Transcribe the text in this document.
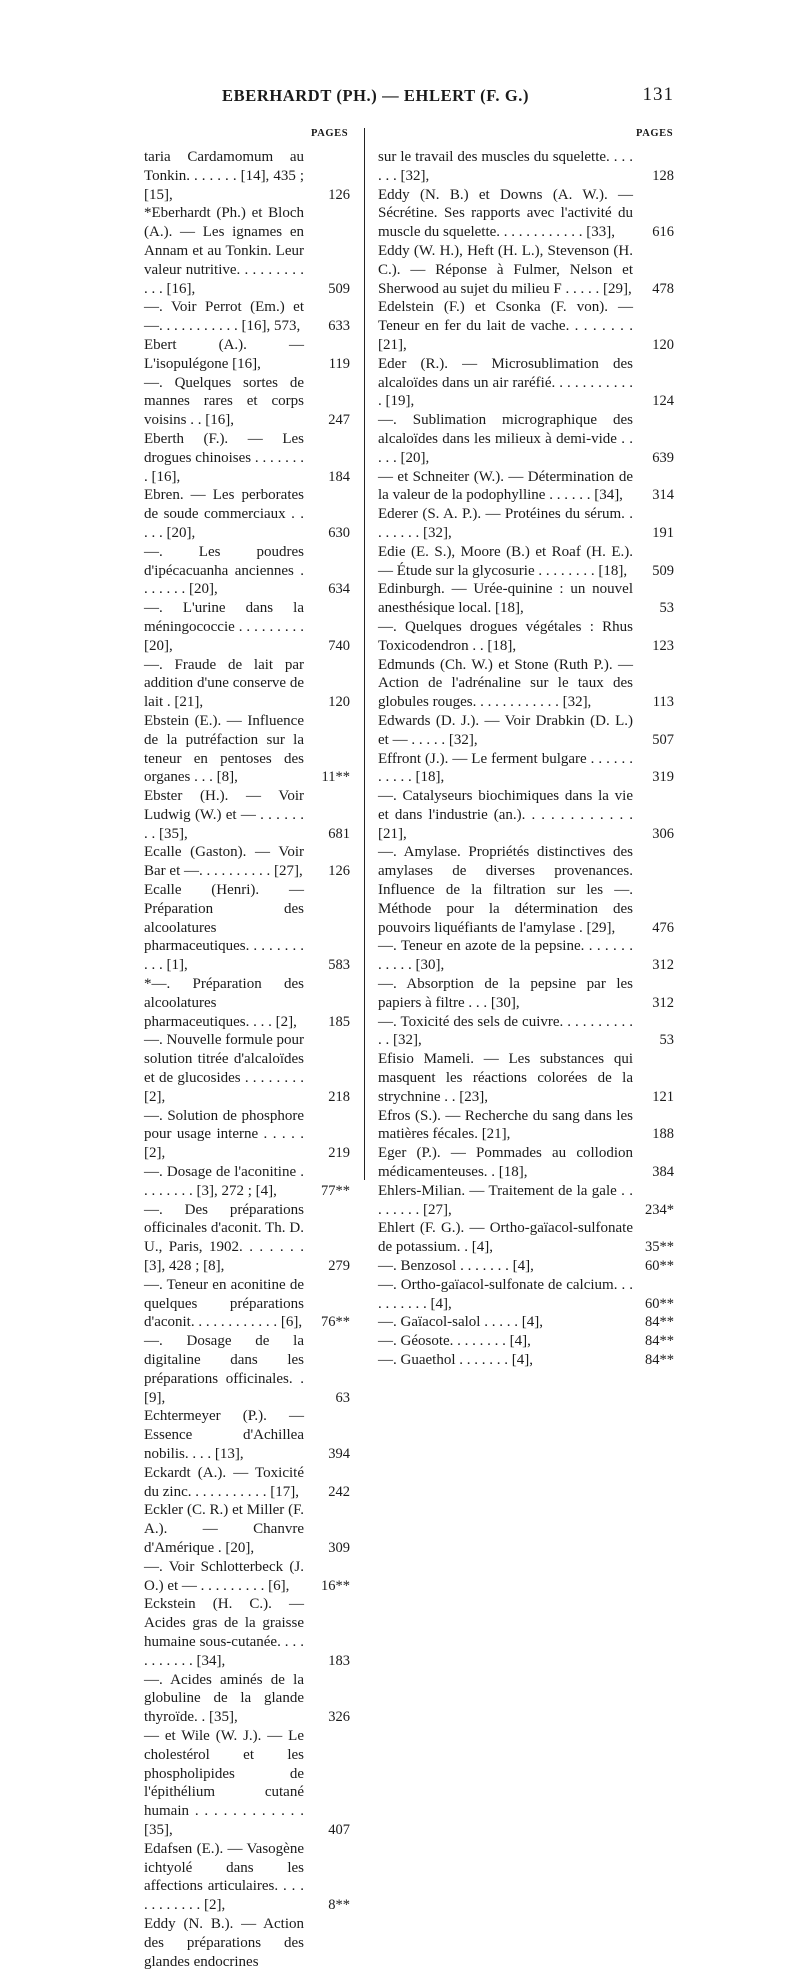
EBERHARDT (PH.) — EHLERT (F. G.)	131
PAGES
taria Cardamomum au Tonkin. . . . . . . [14], 435 ; [15],	126
*Eberhardt (Ph.) et Bloch (A.). — Les ignames en Annam et au Tonkin. Leur valeur nutritive. . . . . . . . . . . . [16],	509
—. Voir Perrot (Em.) et —. . . . . . . . . . . [16], 573, 633
Ebert (A.). — L'isopulégone [16],	119
—. Quelques sortes de mannes rares et corps voisins . . [16],	247
Eberth (F.). — Les drogues chinoises . . . . . . . . [16],	184
Ebren. — Les perborates de soude commerciaux . . . . . [20],	630
—. Les poudres d'ipécacuanha anciennes . . . . . . . [20],	634
—. L'urine dans la méningococcie . . . . . . . . . [20],	740
—. Fraude de lait par addition d'une conserve de lait . [21],	120
Ebstein (E.). — Influence de la putréfaction sur la teneur en pentoses des organes . . . [8],	11**
Ebster (H.). — Voir Ludwig (W.) et — . . . . . . . . [35],	681
Ecalle (Gaston). — Voir Bar et —. . . . . . . . . . [27], 126
Ecalle (Henri). — Préparation des alcoolatures pharmaceutiques. . . . . . . . . . . [1],	583
*—. Préparation des alcoolatures pharmaceutiques. . . . [2],	185
—. Nouvelle formule pour solution titrée d'alcaloïdes et de glucosides . . . . . . . . [2],	218
—. Solution de phosphore pour usage interne . . . . . [2],	219
—. Dosage de l'aconitine . . . . . . . . [3], 272 ; [4],	77**
—. Des préparations officinales d'aconit. Th. D. U., Paris, 1902. . . . . . . [3], 428 ; [8],	279
—. Teneur en aconitine de quelques préparations d'aconit. . . . . . . . . . . . [6], 76**
—. Dosage de la digitaline dans les préparations officinales. . [9],	63
Echtermeyer (P.). — Essence d'Achillea nobilis. . . . [13],	394
Eckardt (A.). — Toxicité du zinc. . . . . . . . . . . [17],	242
Eckler (C. R.) et Miller (F. A.). — Chanvre d'Amérique . [20],	309
—. Voir Schlotterbeck (J. O.) et — . . . . . . . . . [6],	16**
Eckstein (H. C.). — Acides gras de la graisse humaine sous-cutanée. . . . . . . . . . . [34],	183
—. Acides aminés de la globuline de la glande thyroïde. . [35],	326
— et Wile (W. J.). — Le cholestérol et les phospholipides de l'épithélium cutané humain . . . . . . . . . . . . [35],	407
Edafsen (E.). — Vasogène ichtyolé dans les affections articulaires. . . . . . . . . . . . [2],	8**
Eddy (N. B.). — Action des préparations des glandes endocrines
PAGES
sur le travail des muscles du squelette. . . . . . . [32],	128
Eddy (N. B.) et Downs (A. W.). — Sécrétine. Ses rapports avec l'activité du muscle du squelette. . . . . . . . . . . . [33],	616
Eddy (W. H.), Heft (H. L.), Stevenson (H. C.). — Réponse à Fulmer, Nelson et Sherwood au sujet du milieu F . . . . . [29], 478
Edelstein (F.) et Csonka (F. von). — Teneur en fer du lait de vache. . . . . . . . [21],	120
Eder (R.). — Microsublimation des alcaloïdes dans un air raréfié. . . . . . . . . . . . [19],	124
—. Sublimation micrographique des alcaloïdes dans les milieux à demi-vide . . . . . [20],	639
— et Schneiter (W.). — Détermination de la valeur de la podophylline . . . . . . [34],	314
Ederer (S. A. P.). — Protéines du sérum. . . . . . . . [32],	191
Edie (E. S.), Moore (B.) et Roaf (H. E.). — Étude sur la glycosurie . . . . . . . . [18],	509
Edinburgh. — Urée-quinine : un nouvel anesthésique local. [18],	53
—. Quelques drogues végétales : Rhus Toxicodendron . . [18],	123
Edmunds (Ch. W.) et Stone (Ruth P.). — Action de l'adrénaline sur le taux des globules rouges. . . . . . . . . . . . [32],	113
Edwards (D. J.). — Voir Drabkin (D. L.) et — . . . . . [32],	507
Effront (J.). — Le ferment bulgare . . . . . . . . . . . [18],	319
—. Catalyseurs biochimiques dans la vie et dans l'industrie (an.). . . . . . . . . . . . [21],	306
—. Amylase. Propriétés distinctives des amylases de diverses provenances. Influence de la filtration sur les —. Méthode pour la détermination des pouvoirs liquéfiants de l'amylase . [29],	476
—. Teneur en azote de la pepsine. . . . . . . . . . . . [30],	312
—. Absorption de la pepsine par les papiers à filtre . . . [30],	312
—. Toxicité des sels de cuivre. . . . . . . . . . . . [32],	53
Efisio Mameli. — Les substances qui masquent les réactions colorées de la strychnine . . [23],	121
Efros (S.). — Recherche du sang dans les matières fécales. [21],	188
Eger (P.). — Pommades au collodion médicamenteuses. . [18],	384
Ehlers-Milian. — Traitement de la gale . . . . . . . . [27],	234*
Ehlert (F. G.). — Ortho-gaïacol-sulfonate de potassium. . [4],	35**
—. Benzosol . . . . . . . [4],	60**
—. Ortho-gaïacol-sulfonate de calcium. . . . . . . . . . [4],	60**
—. Gaïacol-salol . . . . . [4],	84**
—. Géosote. . . . . . . . [4],	84**
—. Guaethol . . . . . . . [4],	84**
